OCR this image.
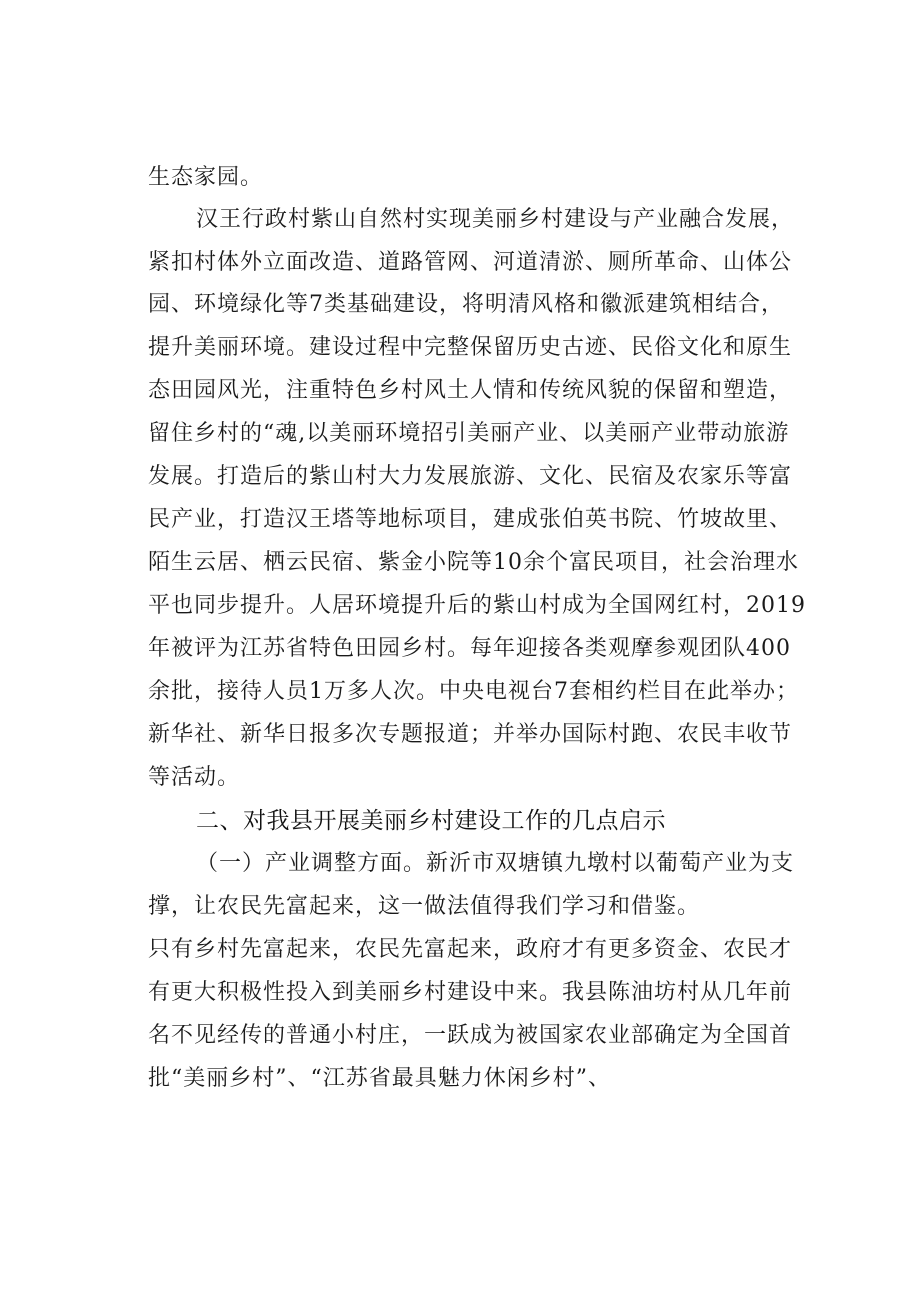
生态家园。

汉王行政村紫山自然村实现美丽乡村建设与产业融合发展，

紧扣村体外立面改造、道路管网、河道清淤、厕所革命、山体公

园、环境绿化等7类基础建设，将明清风格和徽派建筑相结合，

提升美丽环境。建设过程中完整保留历史古迹、民俗文化和原生

态田园风光，注重特色乡村风土人情和传统风貌的保留和塑造，

留住乡村的“魂,以美丽环境招引美丽产业、以美丽产业带动旅游

发展。打造后的紫山村大力发展旅游、文化、民宿及农家乐等富

民产业，打造汉王塔等地标项目，建成张伯英书院、竹坡故里、

陌生云居、栖云民宿、紫金小院等10余个富民项目，社会治理水

平也同步提升。人居环境提升后的紫山村成为全国网红村，2019

年被评为江苏省特色田园乡村。每年迎接各类观摩参观团队400

余批，接待人员1万多人次。中央电视台7套相约栏目在此举办；

新华社、新华日报多次专题报道；并举办国际村跑、农民丰收节

等活动。

二、对我县开展美丽乡村建设工作的几点启示

（一）产业调整方面。新沂市双塘镇九墩村以葡萄产业为支

撑，让农民先富起来，这一做法值得我们学习和借鉴。

只有乡村先富起来，农民先富起来，政府才有更多资金、农民才

有更大积极性投入到美丽乡村建设中来。我县陈油坊村从几年前

名不见经传的普通小村庄，一跃成为被国家农业部确定为全国首

批“美丽乡村”、“江苏省最具魅力休闲乡村”、
